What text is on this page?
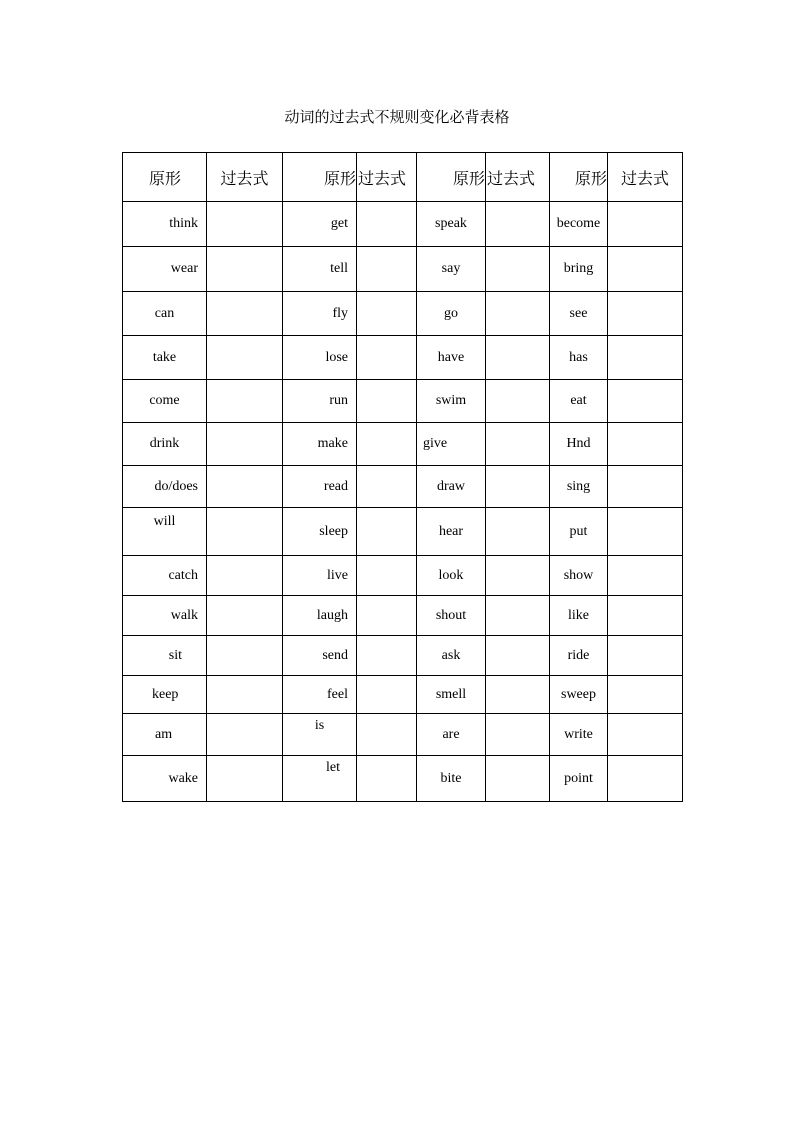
动词的过去式不规则变化必背表格
原形	过去式	原形	过去式	原形	过去式	原形	过去式
think		get		speak		become	
wear		tell		say		bring	
can		fly		go		see	
take		lose		have		has	
come		run		swim		eat	
drink		make		give		Hnd	
do/does		read		draw		sing	
will		sleep		hear		put	
catch		live		look		show	
walk		laugh		shout		like	
sit		send		ask		ride	
keep		feel		smell		sweep	
am		is		are		write	
wake		let		bite		point	
